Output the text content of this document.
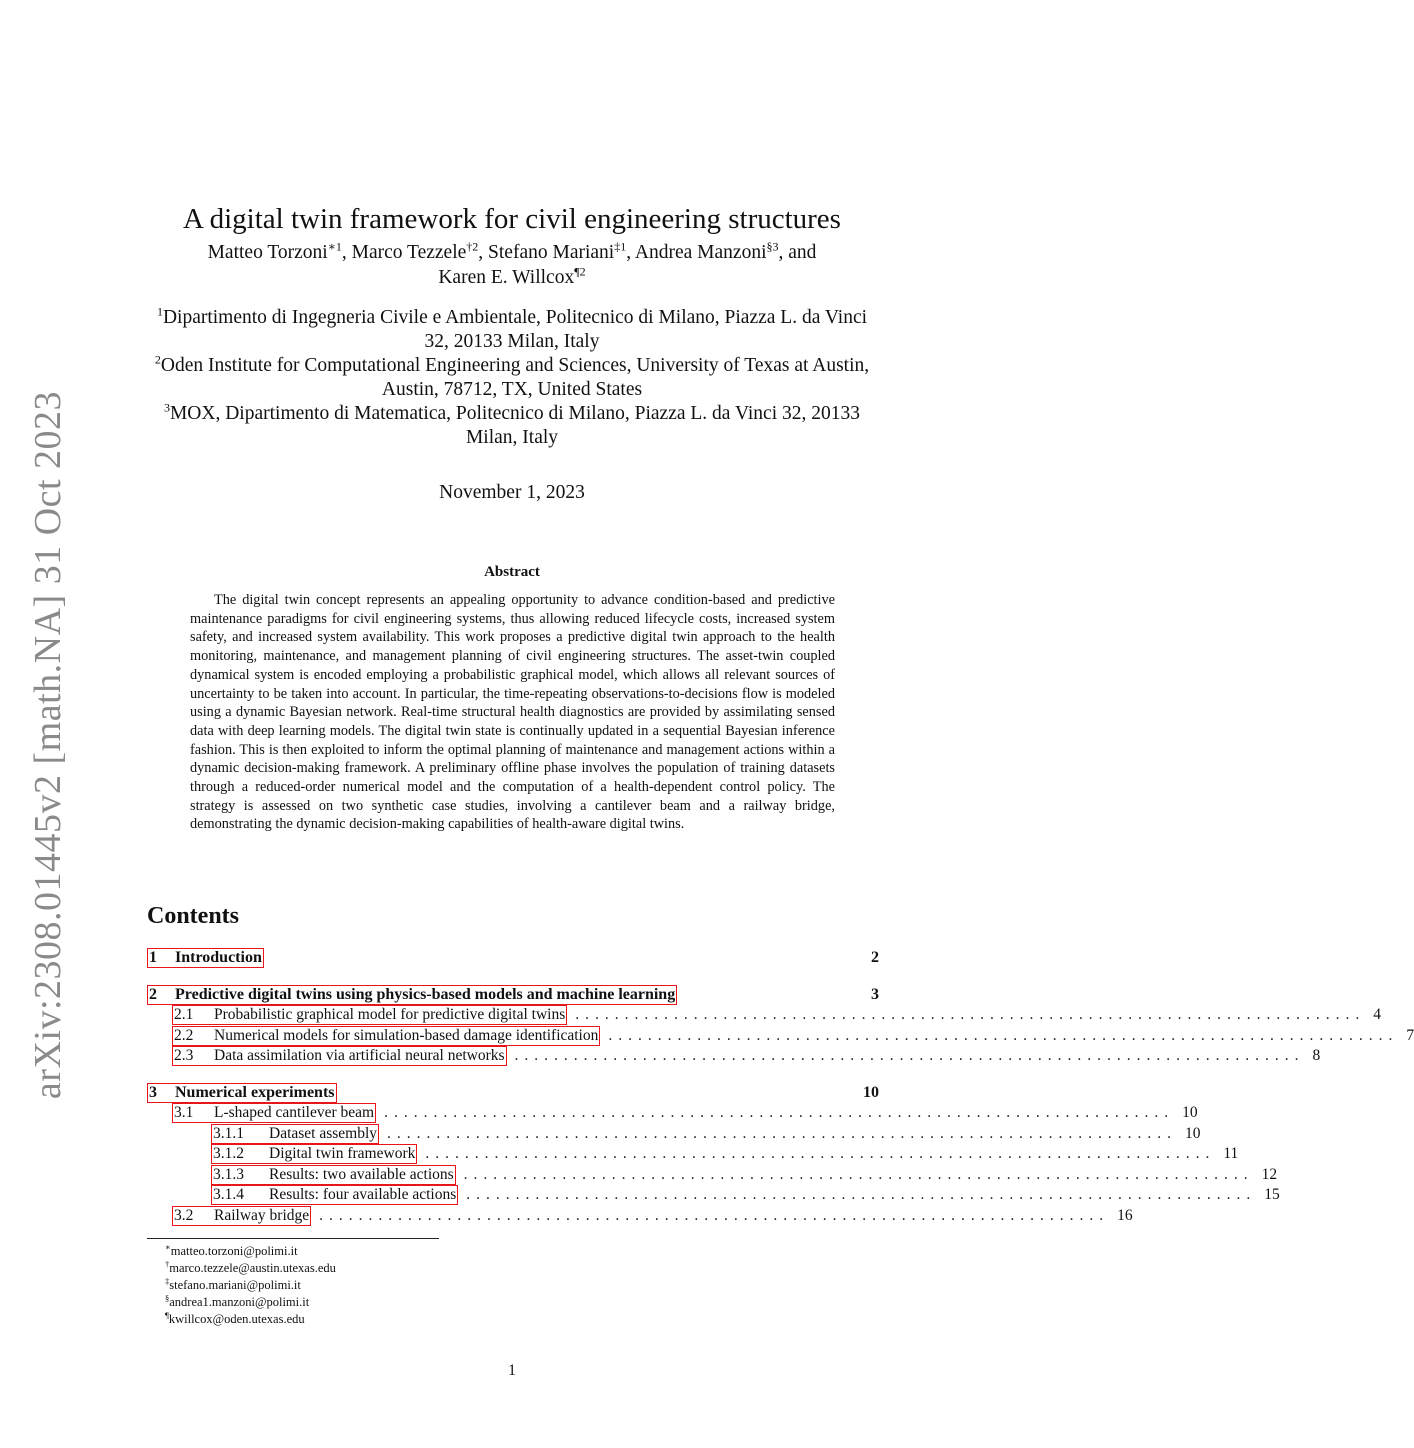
arXiv:2308.01445v2 [math.NA] 31 Oct 2023
A digital twin framework for civil engineering structures
Matteo Torzoni$^{∗1}$, Marco Tezzele$^{\dagger 2}$, Stefano Mariani$^{\ddagger 1}$, Andrea Manzoni$^{\S 3}$, and
Karen E. Willcox$^{\P 2}$
$^1$Dipartimento di Ingegneria Civile e Ambientale, Politecnico di Milano, Piazza L. da Vinci 32, 20133 Milan, Italy
$^2$Oden Institute for Computational Engineering and Sciences, University of Texas at Austin, Austin, 78712, TX, United States
$^3$MOX, Dipartimento di Matematica, Politecnico di Milano, Piazza L. da Vinci 32, 20133 Milan, Italy
November 1, 2023
Abstract

The digital twin concept represents an appealing opportunity to advance condition-based and predictive maintenance paradigms for civil engineering systems, thus allowing reduced lifecycle costs, increased system safety, and increased system availability. This work proposes a predictive digital twin approach to the health monitoring, maintenance, and management planning of civil engineering structures. The asset-twin coupled dynamical system is encoded employing a probabilistic graphical model, which allows all relevant sources of uncertainty to be taken into account. In particular, the time-repeating observations-to-decisions flow is modeled using a dynamic Bayesian network. Real-time structural health diagnostics are provided by assimilating sensed data with deep learning models. The digital twin state is continually updated in a sequential Bayesian inference fashion. This is then exploited to inform the optimal planning of maintenance and management actions within a dynamic decision-making framework. A preliminary offline phase involves the population of training datasets through a reduced-order numerical model and the computation of a health-dependent control policy. The strategy is assessed on two synthetic case studies, involving a cantilever beam and a railway bridge, demonstrating the dynamic decision-making capabilities of health-aware digital twins.

Contents
1 Introduction	2
2 Predictive digital twins using physics-based models and machine learning	3
2.1 Probabilistic graphical model for predictive digital twins ................................................................................ 4
2.2 Numerical models for simulation-based damage identification ................................................................................ 7
2.3 Data assimilation via artificial neural networks ................................................................................ 8
3 Numerical experiments	10
3.1 L-shaped cantilever beam ................................................................................ 10
3.1.1 Dataset assembly ................................................................................ 10
3.1.2 Digital twin framework ................................................................................ 11
3.1.3 Results: two available actions ................................................................................ 12
3.1.4 Results: four available actions ................................................................................ 15
3.2 Railway bridge ................................................................................ 16
∗matteo.torzoni@polimi.it
†marco.tezzele@austin.utexas.edu
‡stefano.mariani@polimi.it
§andrea1.manzoni@polimi.it
¶kwillcox@oden.utexas.edu
1
